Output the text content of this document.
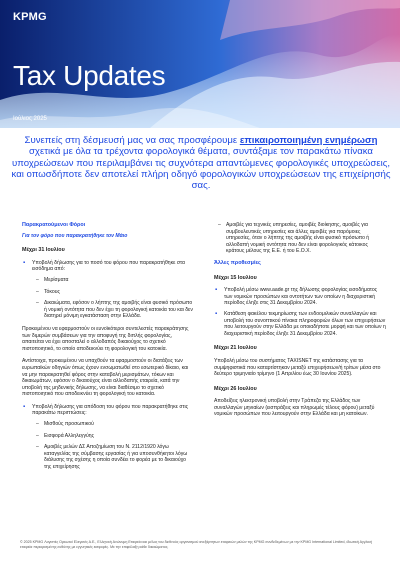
KPMG
Tax Updates
Ιούλιος 2025
Συνεπείς στη δέσμευσή μας να σας προσφέρουμε επικαιροποιημένη ενημέρωση σχετικά με όλα τα τρέχοντα φορολογικά θέματα, συντάξαμε τον παρακάτω πίνακα υποχρεώσεων που περιλαμβάνει τις συχνότερα απαντώμενες φορολογικές υποχρεώσεις, και οπωσδήποτε δεν αποτελεί πλήρη οδηγό φορολογικών υποχρεώσεων της επιχείρησής σας.
Παρακρατούμενοι Φόροι
Για τον φόρο που παρακρατήθηκε τον Μάιο
Μέχρι 31 Ιουλίου
▪ Υποβολή δήλωσης για το ποσό του φόρου που παρακρατήθηκε στα εισόδημα από:
– Μερίσματα
– Τόκους
– Δικαιώματα, εφόσον ο λήπτης της αμοιβής είναι φυσικό πρόσωπο ή νομική οντότητα που δεν έχει τη φορολογική κατοικία του και δεν διατηρεί μόνιμη εγκατάσταση στην Ελλάδα.

Προκειμένου να εφαρμοστούν οι ευνοϊκότεροι συντελεστές παρακράτησης των διμερών συμβάσεων για την αποφυγή της διπλής φορολογίας, απαιτείται να έχει αποσταλεί ο αλλοδαπός δικαιούχος το σχετικό πιστοποιητικό, το οποίο αποδεικνύει τη φορολογική του κατοικία.

Αντίστοιχα, προκειμένου να υπαχθούν τα εφαρμοστούν οι διατάξεις των ευρωπαϊκών οδηγιών όπως έχουν ενσωματωθεί στο εσωτερικό δίκαιο, και να μην παρακρατηθεί φόρος στην καταβολή μερισμάτων, τόκων και δικαιωμάτων, εφόσον ο δικαιούχος είναι αλλοδαπής εταιρεία, κατά την υποβολή της μηδενικής δήλωσης, να είναι διαθέσιμο το σχετικό πιστοποιητικό που αποδεικνύει τη φορολογική του κατοικία.

▪ Υποβολή δήλωσης για απόδοση του φόρου που παρακρατήθηκε στις παρακάτω περιπτώσεις:
– Μισθούς προσωπικού
– Εισφορά Αλληλεγγύης
– Αμοιβές μελών ΔΣ Αποζημίωση του Ν. 2112/1920 λόγω καταγγελίας της σύμβασης εργασίας ή για υποσυνθήκητοι λόγω διάλυσης της σχέσης η οποία συνδέει το φορέα με το δικαιούχο της επιχείρησης
– Αμοιβές για τεχνικές υπηρεσίες, αμοιβές διοίκησης, αμοιβές για συμβουλευτικές υπηρεσίες και άλλες αμοιβές για παρόμοιες υπηρεσίες, όταν ο λήπτης της αμοιβής είναι φυσικό πρόσωπο ή αλλοδαπή νομική οντότητα που δεν είναι φορολογικός κάτοικος κράτους μέλους της Ε.Ε. ή του Ε.Ο.Χ.
Άλλες προθεσμίες
Μέχρι 15 Ιουλίου
▪ Υποβολή μέσω www.aade.gr της δήλωσης φορολογίας εισοδήματος των νομικών προσώπων και οντοτήτων των οποίων η διαχειριστική περίοδος έληξε στις 31 Δεκεμβρίου 2024.
▪ Κατάθεση φακέλου τεκμηρίωσης των ενδοομιλικών συναλλαγών και υποβολή του συνοπτικού πίνακα πληροφοριών όλων των επιχειρήσεων που λειτουργούν στην Ελλάδα με οποιαδήποτε μορφή και των οποίων η διαχειριστική περίοδος έληξε 31 Δεκεμβρίου 2024.
Μέχρι 21 Ιουλίου

Υποβολή μέσω του συστήματος TAXISNET της κατάστασης για τα συμψηφιστικά που καταρτίστηκαν μεταξύ επιχειρήσεων/ή τρίτων μέσα στο δεύτερο τριμηνιαίο τρίμηνο (1 Απριλίου έως 30 Ιουνίου 2025).

Μέχρι 26 Ιουλίου

Αποδείξεις ηλεκτρονική υποβολή στην Τράπεζα της Ελλάδος των συναλλαγών μηνιαίων (εισπράξεις και πληρωμές τέλους φόρου) μεταξύ νομικών προσώπων που λειτουργούν στην Ελλάδα και μη κατοίκων.

© 2025 KPMG Λογιστές Ορκωτοί Ελεγκτές Α.Ε., Ελληνική Ανώνυμη Εταιρεία και μέλος του διεθνούς οργανισμού ανεξάρτητων εταιρειών μελών της KPMG συνδεδεμένων με την KPMG International Limited, ιδιωτική Αγγλική εταιρεία περιορισμένης ευθύνης με εγγυητικές εισφορές. Με την επιφύλαξη κάθε δικαιώματος.
